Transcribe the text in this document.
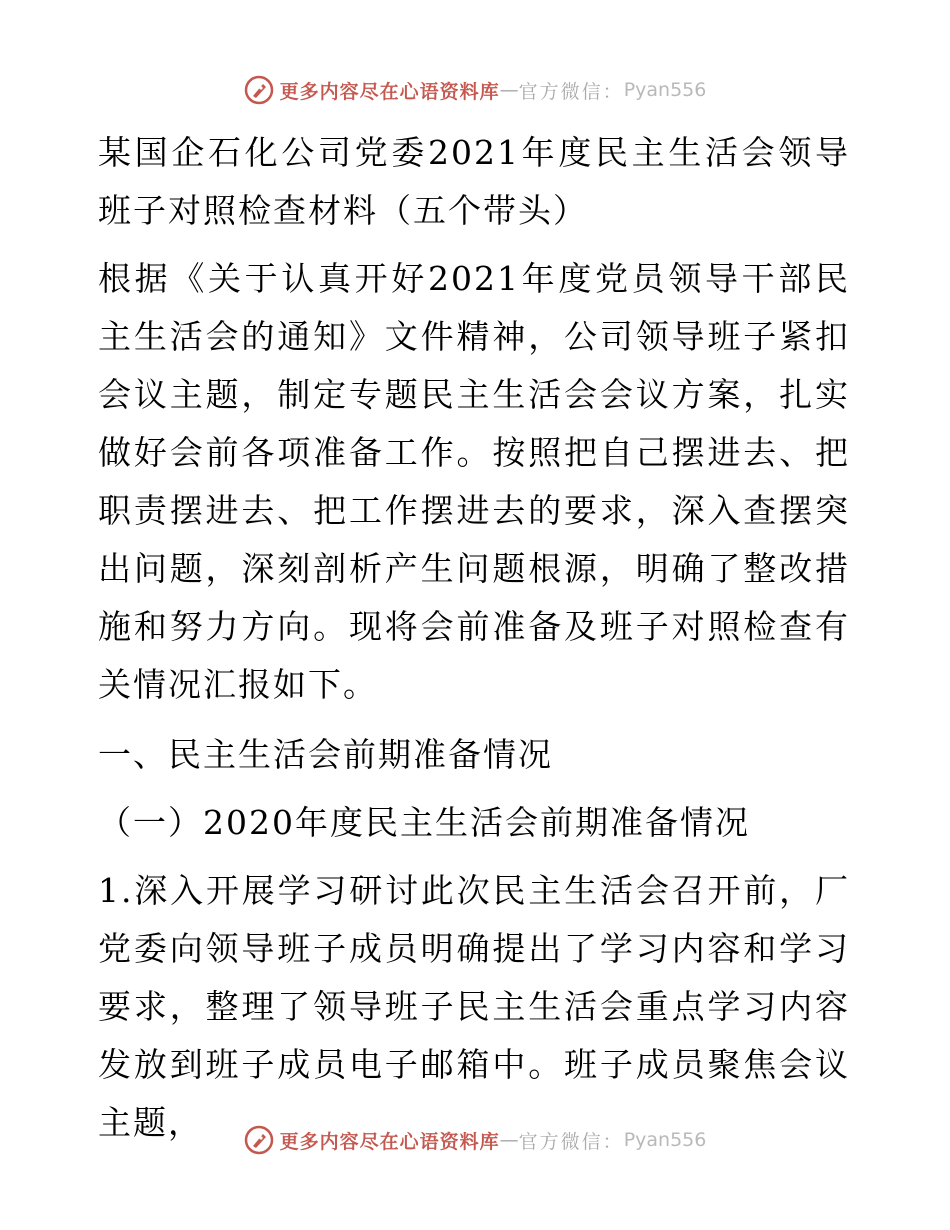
更多内容尽在心语资料库 — 官方微信： Pyan556

某国企石化公司党委2021年度民主生活会领导班子对照检查材料（五个带头）

根据《关于认真开好2021年度党员领导干部民主生活会的通知》文件精神，公司领导班子紧扣会议主题，制定专题民主生活会会议方案，扎实做好会前各项准备工作。按照把自己摆进去、把职责摆进去、把工作摆进去的要求，深入查摆突出问题，深刻剖析产生问题根源，明确了整改措施和努力方向。现将会前准备及班子对照检查有关情况汇报如下。

一、民主生活会前期准备情况

（一）2020年度民主生活会前期准备情况

1.深入开展学习研讨此次民主生活会召开前，厂党委向领导班子成员明确提出了学习内容和学习要求，整理了领导班子民主生活会重点学习内容发放到班子成员电子邮箱中。班子成员聚焦会议主题，	更多内容尽在心语资料库 — 官方微信： Pyan556
